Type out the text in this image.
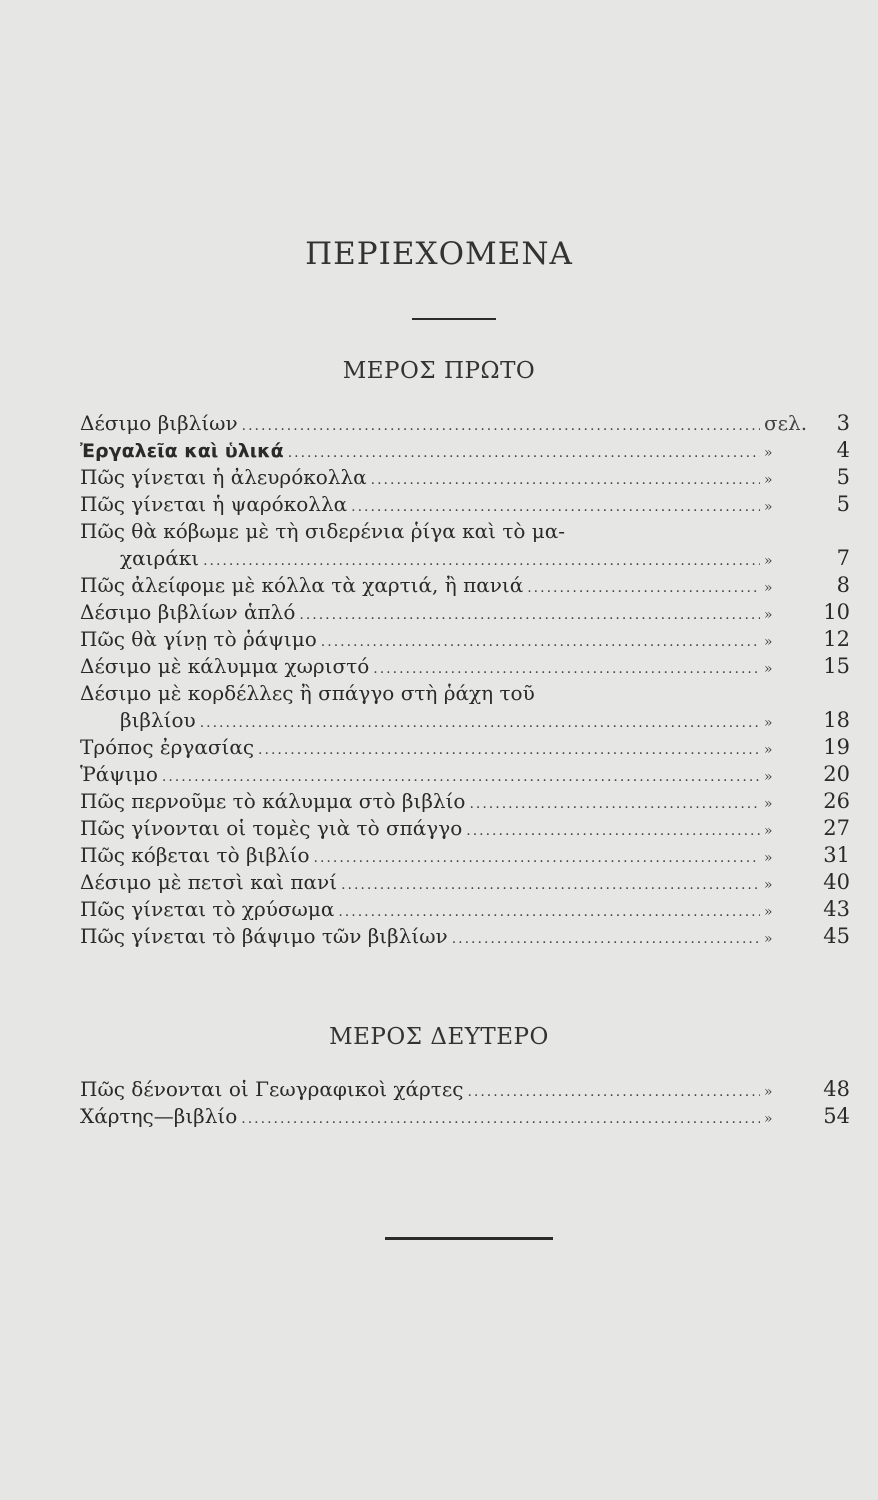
ΠΕΡΙΕΧΟΜΕΝΑ
ΜΕΡΟΣ ΠΡΩΤΟ
Δέσιμο βιβλίων .....	σελ.	3
Ἐργαλεῖα καὶ ὑλικά .....	»	4
Πῶς γίνεται ἡ ἀλευρόκολλα .....	»	5
Πῶς γίνεται ἡ ψαρόκολλα .....	»	5
Πῶς θὰ κόβωμε μὲ τὴ σιδερένια ῥίγα καὶ τὸ μα-
χαιράκι .....	»	7
Πῶς ἀλείφομε μὲ κόλλα τὰ χαρτιά, ἢ πανιά .....	»	8
Δέσιμο βιβλίων ἁπλό .....	»	10
Πῶς θὰ γίνῃ τὸ ῥάψιμο .....	»	12
Δέσιμο μὲ κάλυμμα χωριστό .....	»	15
Δέσιμο μὲ κορδέλλες ἢ σπάγγο στὴ ῥάχη τοῦ
βιβλίου .....	»	18
Τρόπος ἐργασίας .....	»	19
Ῥάψιμο .....	»	20
Πῶς περνοῦμε τὸ κάλυμμα στὸ βιβλίο .....	»	26
Πῶς γίνονται οἱ τομὲς γιὰ τὸ σπάγγο .....	»	27
Πῶς κόβεται τὸ βιβλίο .....	»	31
Δέσιμο μὲ πετσὶ καὶ πανί .....	»	40
Πῶς γίνεται τὸ χρύσωμα .....	»	43
Πῶς γίνεται τὸ βάψιμο τῶν βιβλίων .....	»	45
ΜΕΡΟΣ ΔΕΥΤΕΡΟ
Πῶς δένονται οἱ Γεωγραφικοὶ χάρτες .....	»	48
Χάρτης—βιβλίο .....	»	54
